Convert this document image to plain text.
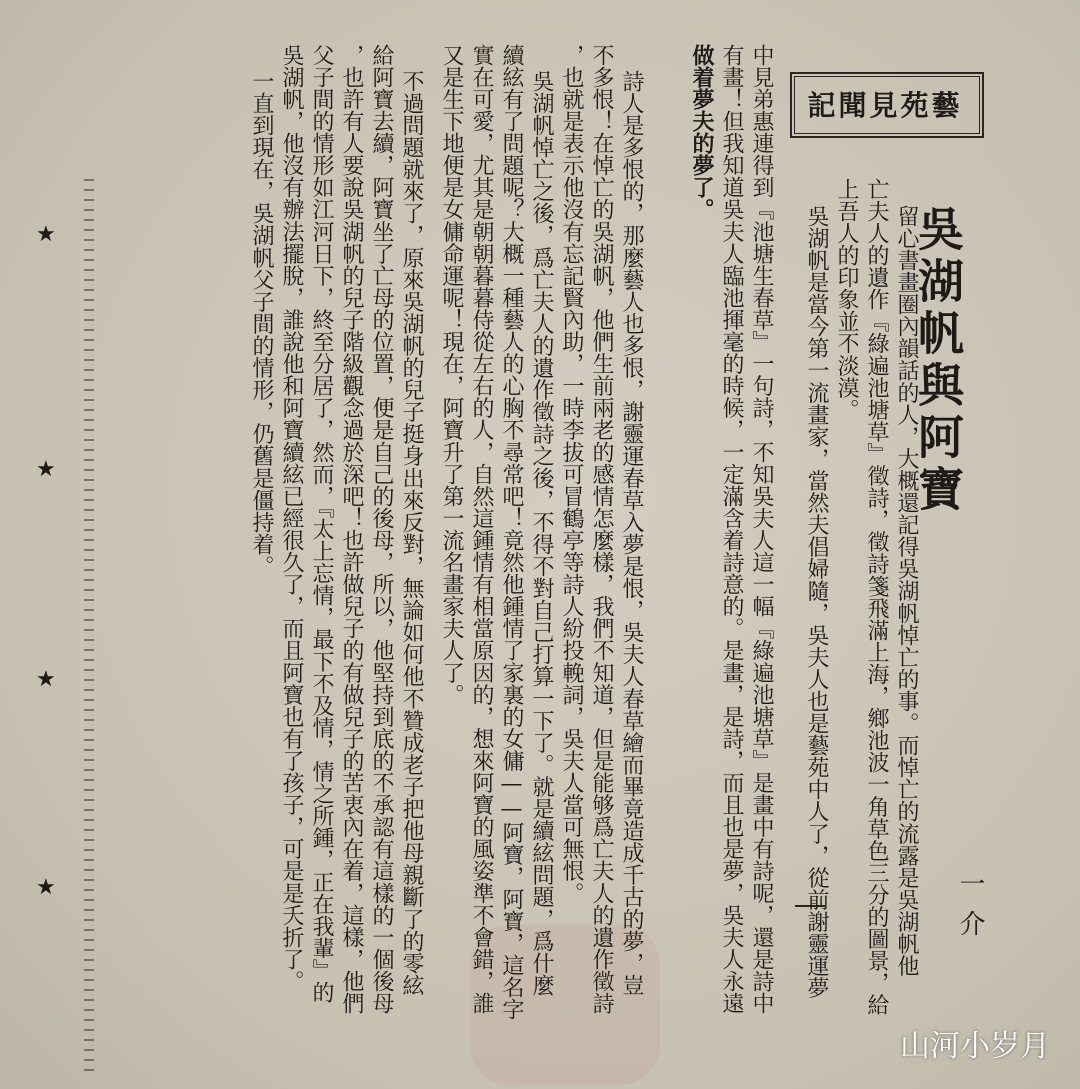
藝苑見聞記
吳湖帆與阿寶
一介
留心書畫圈內韻話的人，大概還記得吳湖帆悼亡的事。而悼亡的流露是吳湖帆他
亡夫人的遺作『綠遍池塘草』徵詩，徵詩箋飛滿上海，鄉池波一角草色三分的圖景，給
上吾人的印象並不淡漠。
吳湖帆是當今第一流畫家，當然夫倡婦隨，吳夫人也是藝苑中人了，從前謝靈運夢
中見弟惠連得到『池塘生春草』一句詩，不知吳夫人這一幅『綠遍池塘草』是畫中有詩呢，還是詩中
有畫！但我知道吳夫人臨池揮毫的時候，一定滿含着詩意的。是畫，是詩，而且也是夢，吳夫人永遠
做着夢夫的夢了。
詩人是多恨的，那麼藝人也多恨，謝靈運春草入夢是恨，吳夫人春草繪而畢竟造成千古的夢，豈
不多恨！在悼亡的吳湖帆，他們生前兩老的感情怎麼樣，我們不知道，但是能够爲亡夫人的遺作徵詩
，也就是表示他沒有忘記賢內助，一時李拔可冒鶴亭等詩人紛投輓詞，吳夫人當可無恨。
吳湖帆悼亡之後，爲亡夫人的遺作徵詩之後，不得不對自己打算一下了。就是續絃問題，爲什麼
續絃有了問題呢？大概一種藝人的心胸不尋常吧！竟然他鍾情了家裏的女傭——阿寶，阿寶，這名字
實在可愛，尤其是朝朝暮暮侍從左右的人，自然這鍾情有相當原因的，想來阿寶的風姿準不會錯，誰
又是生下地便是女傭命運呢！現在，阿寶升了第一流名畫家夫人了。
不過問題就來了，原來吳湖帆的兒子挺身出來反對，無論如何他不贊成老子把他母親斷了的零絃
給阿寶去續，阿寶坐了亡母的位置，便是自己的後母，所以，他堅持到底的不承認有這樣的一個後母
，也許有人要說吳湖帆的兒子階級觀念過於深吧！也許做兒子的有做兒子的苦衷內在着，這樣，他們
父子間的情形如江河日下，終至分居了，然而，『太上忘情，最下不及情，情之所鍾，正在我輩』的
吳湖帆，他沒有辦法擺脫，誰說他和阿寶續絃已經很久了，而且阿寶也有了孩子，可是是夭折了。
一直到現在，吳湖帆父子間的情形，仍舊是僵持着。
★
★
★
★
山河小岁月
